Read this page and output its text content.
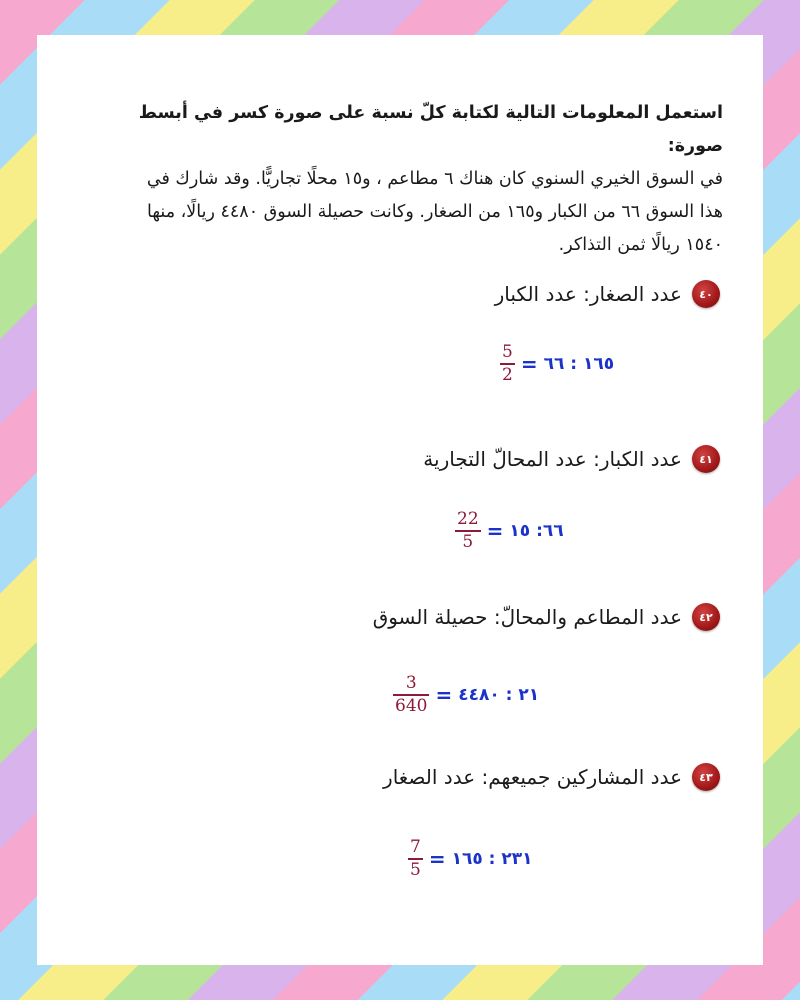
استعمل المعلومات التالية لكتابة كلّ نسبة على صورة كسر في أبسط صورة:
في السوق الخيري السنوي كان هناك ٦ مطاعم ، و١٥ محلًا تجاريًّا. وقد شارك في
هذا السوق ٦٦ من الكبار و١٦٥ من الصغار. وكانت حصيلة السوق ٤٤٨٠ ريالًا، منها
١٥٤٠ ريالًا ثمن التذاكر.
٤٠
عدد الصغار: عدد الكبار
$\frac{5}{2}$ = ١٦٥ : ٦٦
٤١
عدد الكبار: عدد المحالّ التجارية
$\frac{22}{5}$ = ٦٦: ١٥
٤٢
عدد المطاعم والمحالّ: حصيلة السوق
$\frac{3}{640}$ = ٢١ : ٤٤٨٠
٤٣
عدد المشاركين جميعهم: عدد الصغار
$\frac{7}{5}$ = ٢٣١ : ١٦٥
